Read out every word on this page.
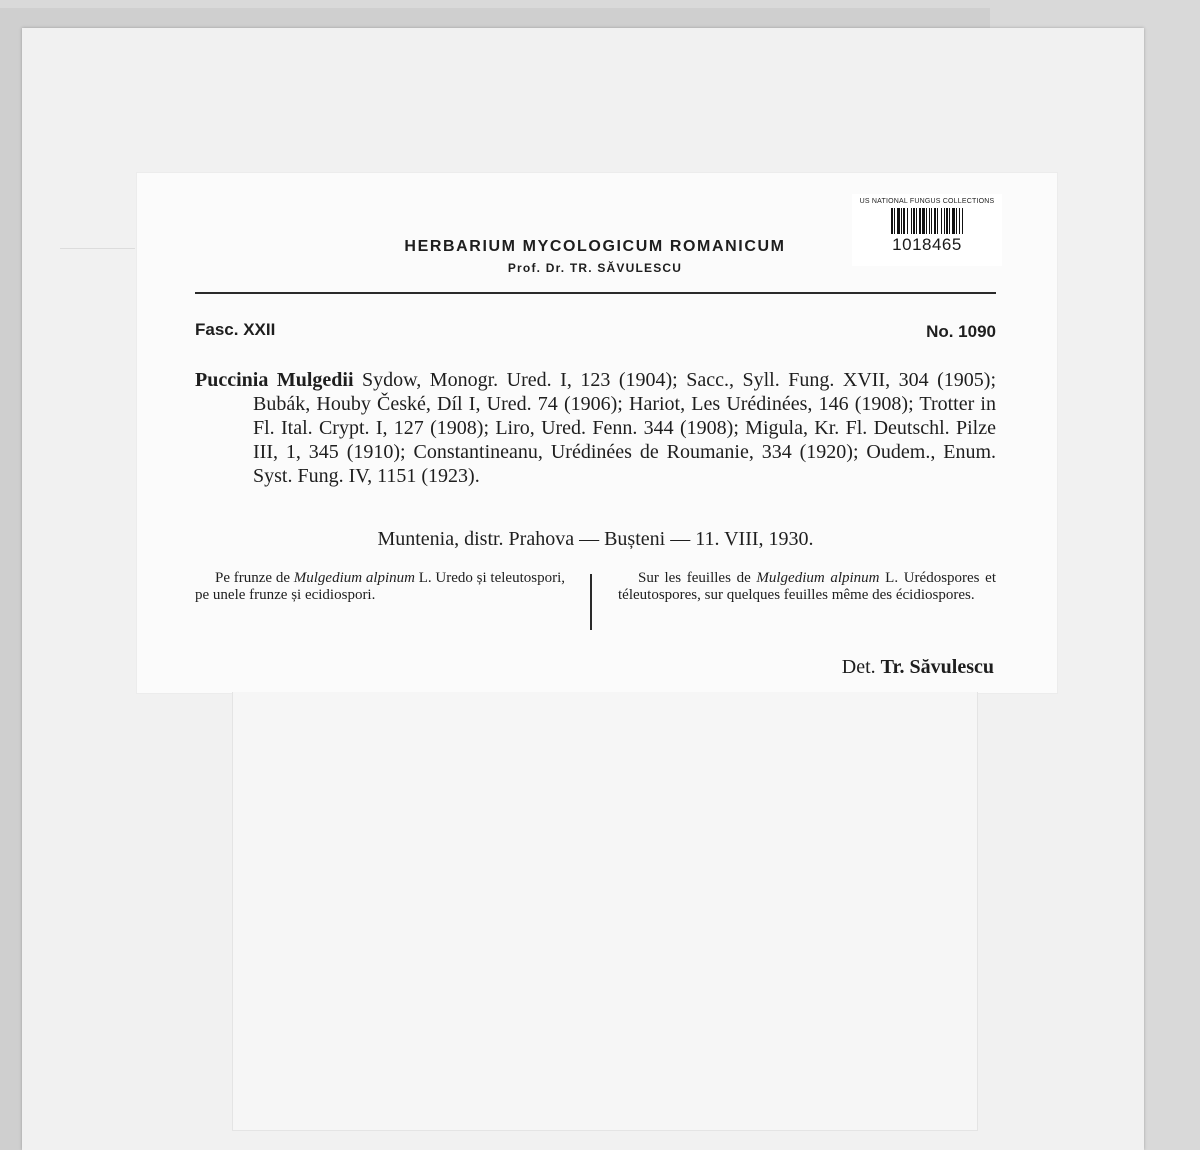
US NATIONAL FUNGUS COLLECTIONS
1018465
HERBARIUM MYCOLOGICUM ROMANICUM
Prof. Dr. TR. SĂVULESCU
Fasc. XXII	No. 1090
Puccinia Mulgedii Sydow, Monogr. Ured. I, 123 (1904); Sacc., Syll. Fung. XVII, 304 (1905); Bubák, Houby České, Díl I, Ured. 74 (1906); Hariot, Les Urédinées, 146 (1908); Trotter in Fl. Ital. Crypt. I, 127 (1908); Liro, Ured. Fenn. 344 (1908); Migula, Kr. Fl. Deutschl. Pilze III, 1, 345 (1910); Constantineanu, Urédinées de Roumanie, 334 (1920); Oudem., Enum. Syst. Fung. IV, 1151 (1923).
Muntenia, distr. Prahova — Bușteni — 11. VIII, 1930.
Pe frunze de Mulgedium alpinum L. Uredo și teleutospori, pe unele frunze și ecidiospori.
Sur les feuilles de Mulgedium alpinum L. Urédospores et téleutospores, sur quelques feuilles même des écidiospores.
Det. Tr. Săvulescu
